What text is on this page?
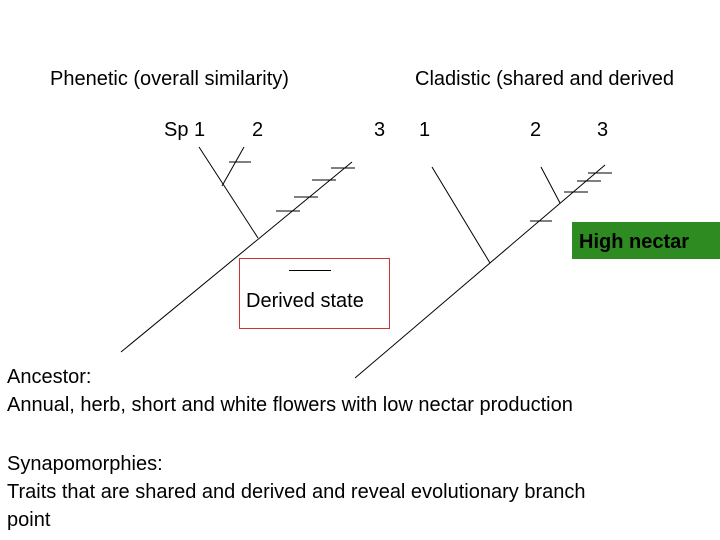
Phenetic (overall similarity)	Cladistic (shared and derived
Sp 1 2	3 1	2	3
Derived state
High nectar
Ancestor:
Annual, herb, short and white flowers with low nectar production
Synapomorphies:
Traits that are shared and derived and reveal evolutionary branch
point
